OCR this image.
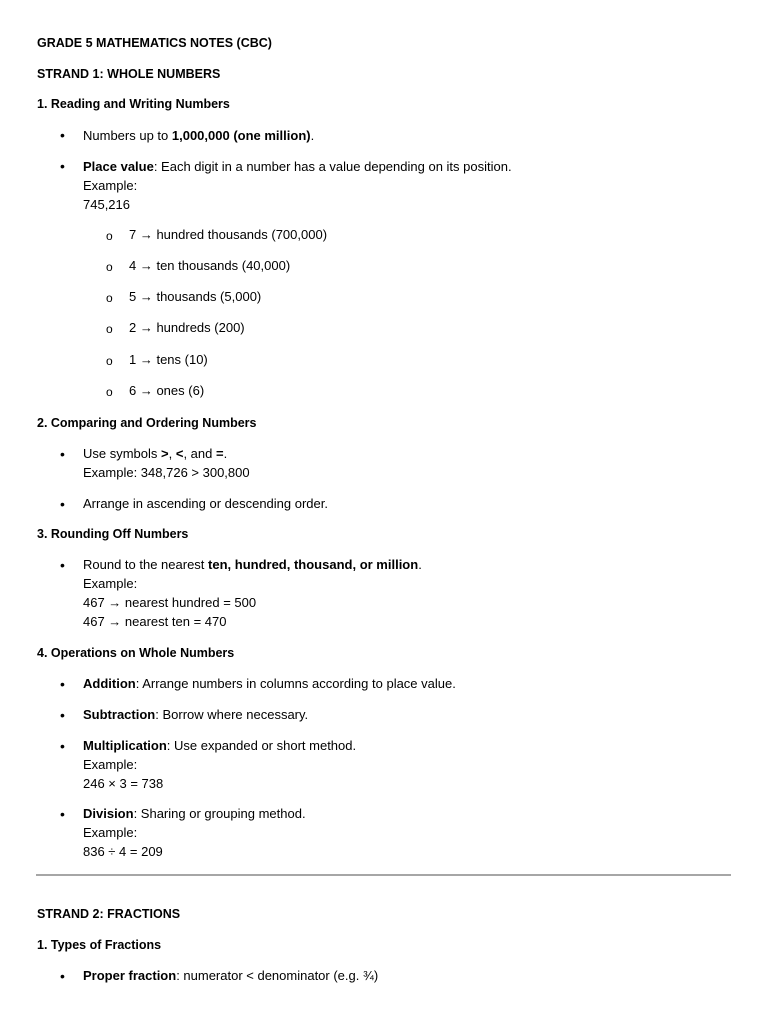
GRADE 5 MATHEMATICS NOTES (CBC)
STRAND 1: WHOLE NUMBERS
1. Reading and Writing Numbers
• Numbers up to 1,000,000 (one million).
• Place value: Each digit in a number has a value depending on its position.
Example:
745,216
o 7 → hundred thousands (700,000)
o 4 → ten thousands (40,000)
o 5 → thousands (5,000)
o 2 → hundreds (200)
o 1 → tens (10)
o 6 → ones (6)
2. Comparing and Ordering Numbers
• Use symbols >, <, and =.
Example: 348,726 > 300,800
• Arrange in ascending or descending order.
3. Rounding Off Numbers
• Round to the nearest ten, hundred, thousand, or million.
Example:
467 → nearest hundred = 500
467 → nearest ten = 470
4. Operations on Whole Numbers
• Addition: Arrange numbers in columns according to place value.
• Subtraction: Borrow where necessary.
• Multiplication: Use expanded or short method.
Example:
246 × 3 = 738
• Division: Sharing or grouping method.
Example:
836 ÷ 4 = 209
STRAND 2: FRACTIONS
1. Types of Fractions
• Proper fraction: numerator < denominator (e.g. ¾)
